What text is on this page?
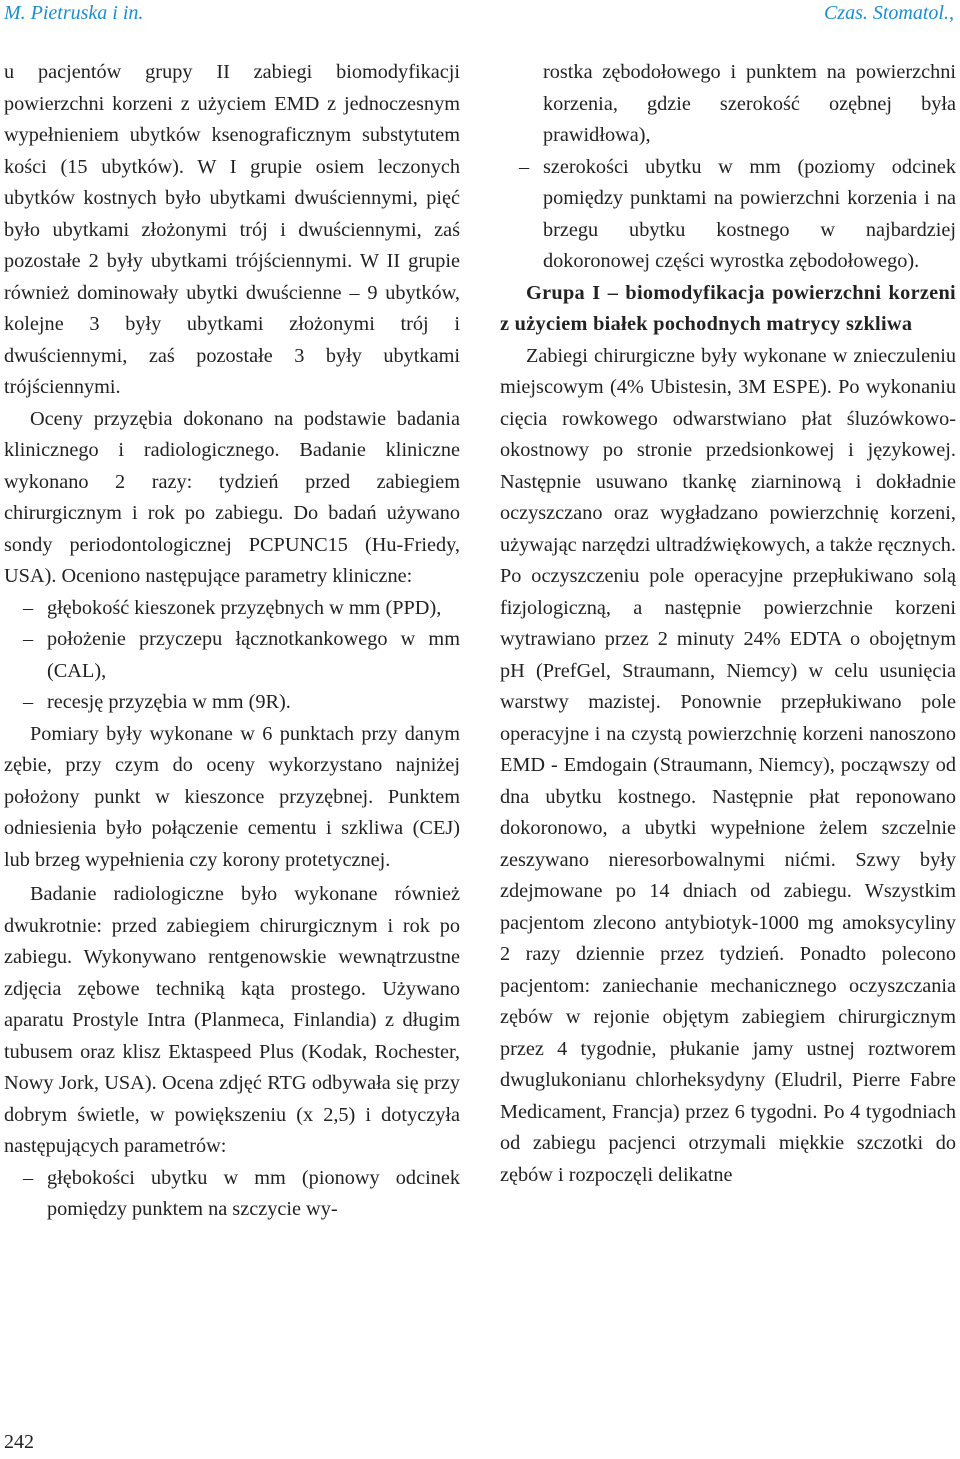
M. Pietruska i in.	Czas. Stomatol.,

u pacjentów grupy II zabiegi biomodyfikacji powierzchni korzeni z użyciem EMD z jednoczesnym wypełnieniem ubytków ksenograficznym substytutem kości (15 ubytków). W I grupie osiem leczonych ubytków kostnych było ubytkami dwuściennymi, pięć było ubytkami złożonymi trój i dwuściennymi, zaś pozostałe 2 były ubytkami trójściennymi. W II grupie również dominowały ubytki dwuścienne – 9 ubytków, kolejne 3 były ubytkami złożonymi trój i dwuściennymi, zaś pozostałe 3 były ubytkami trójściennymi.

Oceny przyzębia dokonano na podstawie badania klinicznego i radiologicznego. Badanie kliniczne wykonano 2 razy: tydzień przed zabiegiem chirurgicznym i rok po zabiegu. Do badań używano sondy periodontologicznej PCPUNC15 (Hu-Friedy, USA). Oceniono następujące parametry kliniczne:

– głębokość kieszonek przyzębnych w mm (PPD),
– położenie przyczepu łącznotkankowego w mm (CAL),
– recesję przyzębia w mm (9R).

Pomiary były wykonane w 6 punktach przy danym zębie, przy czym do oceny wykorzystano najniżej położony punkt w kieszonce przyzębnej. Punktem odniesienia było połączenie cementu i szkliwa (CEJ) lub brzeg wypełnienia czy korony protetycznej.

Badanie radiologiczne było wykonane również dwukrotnie: przed zabiegiem chirurgicznym i rok po zabiegu. Wykonywano rentgenowskie wewnątrzustne zdjęcia zębowe techniką kąta prostego. Używano aparatu Prostyle Intra (Planmeca, Finlandia) z długim tubusem oraz klisz Ektaspeed Plus (Kodak, Rochester, Nowy Jork, USA). Ocena zdjęć RTG odbywała się przy dobrym świetle, w powiększeniu (x 2,5) i dotyczyła następujących parametrów:

– głębokości ubytku w mm (pionowy odcinek pomiędzy punktem na szczycie wy-
rostka zębodołowego i punktem na powierzchni korzenia, gdzie szerokość ozębnej była prawidłowa),
– szerokości ubytku w mm (poziomy odcinek pomiędzy punktami na powierzchni korzenia i na brzegu ubytku kostnego w najbardziej dokoronowej części wyrostka zębodołowego).

Grupa I – biomodyfikacja powierzchni korzeni z użyciem białek pochodnych matrycy szkliwa

Zabiegi chirurgiczne były wykonane w znieczuleniu miejscowym (4% Ubistesin, 3M ESPE). Po wykonaniu cięcia rowkowego odwarstwiano płat śluzówkowo-okostnowy po stronie przedsionkowej i językowej. Następnie usuwano tkankę ziarninową i dokładnie oczyszczano oraz wygładzano powierzchnię korzeni, używając narzędzi ultradźwiękowych, a także ręcznych. Po oczyszczeniu pole operacyjne przepłukiwano solą fizjologiczną, a następnie powierzchnie korzeni wytrawiano przez 2 minuty 24% EDTA o obojętnym pH (PrefGel, Straumann, Niemcy) w celu usunięcia warstwy mazistej. Ponownie przepłukiwano pole operacyjne i na czystą powierzchnię korzeni nanoszono EMD - Emdogain (Straumann, Niemcy), począwszy od dna ubytku kostnego. Następnie płat reponowano dokoronowo, a ubytki wypełnione żelem szczelnie zeszywano nieresorbowalnymi nićmi. Szwy były zdejmowane po 14 dniach od zabiegu. Wszystkim pacjentom zlecono antybiotyk-1000 mg amoksycyliny 2 razy dziennie przez tydzień. Ponadto polecono pacjentom: zaniechanie mechanicznego oczyszczania zębów w rejonie objętym zabiegiem chirurgicznym przez 4 tygodnie, płukanie jamy ustnej roztworem dwuglukonianu chlorheksydyny (Eludril, Pierre Fabre Medicament, Francja) przez 6 tygodni. Po 4 tygodniach od zabiegu pacjenci otrzymali miękkie szczotki do zębów i rozpoczęli delikatne

242
